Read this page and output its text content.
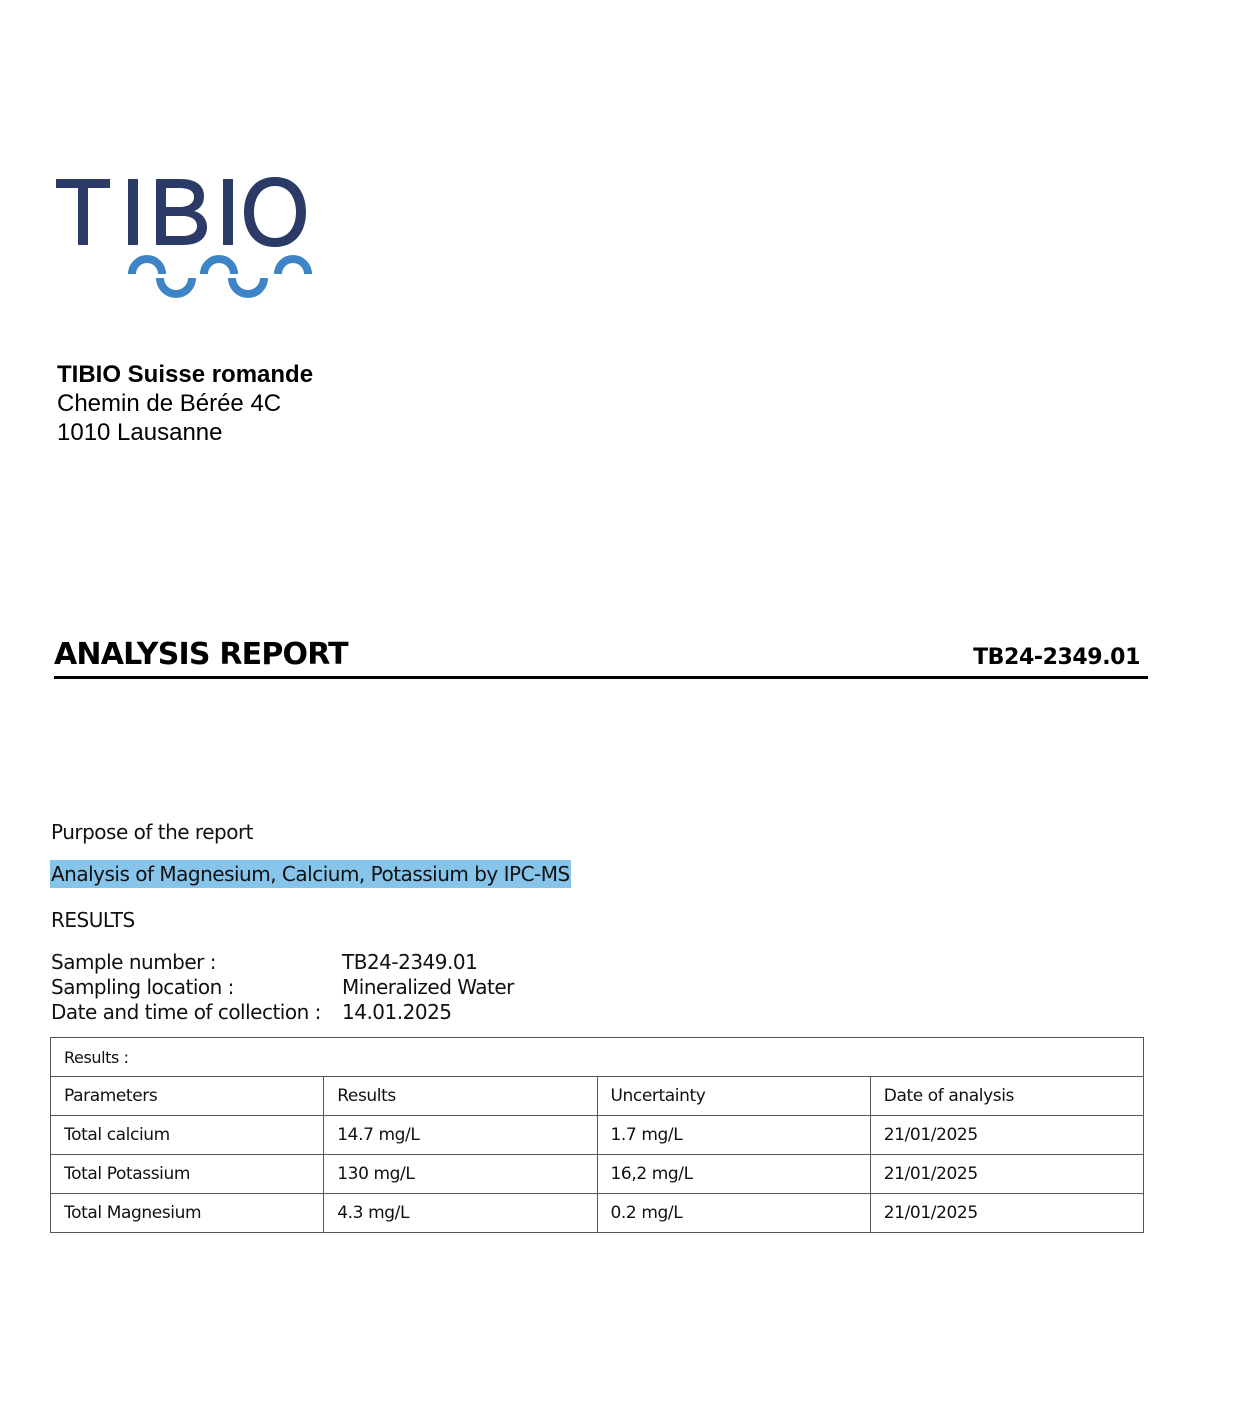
TIBIO Suisse romande
Chemin de Bérée 4C
1010 Lausanne
ANALYSIS REPORT	TB24-2349.01
Purpose of the report
Analysis of Magnesium, Calcium, Potassium by IPC-MS
RESULTS
Sample number :	TB24-2349.01
Sampling location :	Mineralized Water
Date and time of collection : 14.01.2025
Results :			
Parameters	Results	Uncertainty	Date of analysis
Total calcium	14.7 mg/L	1.7 mg/L	21/01/2025
Total Potassium	130 mg/L	16,2 mg/L	21/01/2025
Total Magnesium	4.3 mg/L	0.2 mg/L	21/01/2025
